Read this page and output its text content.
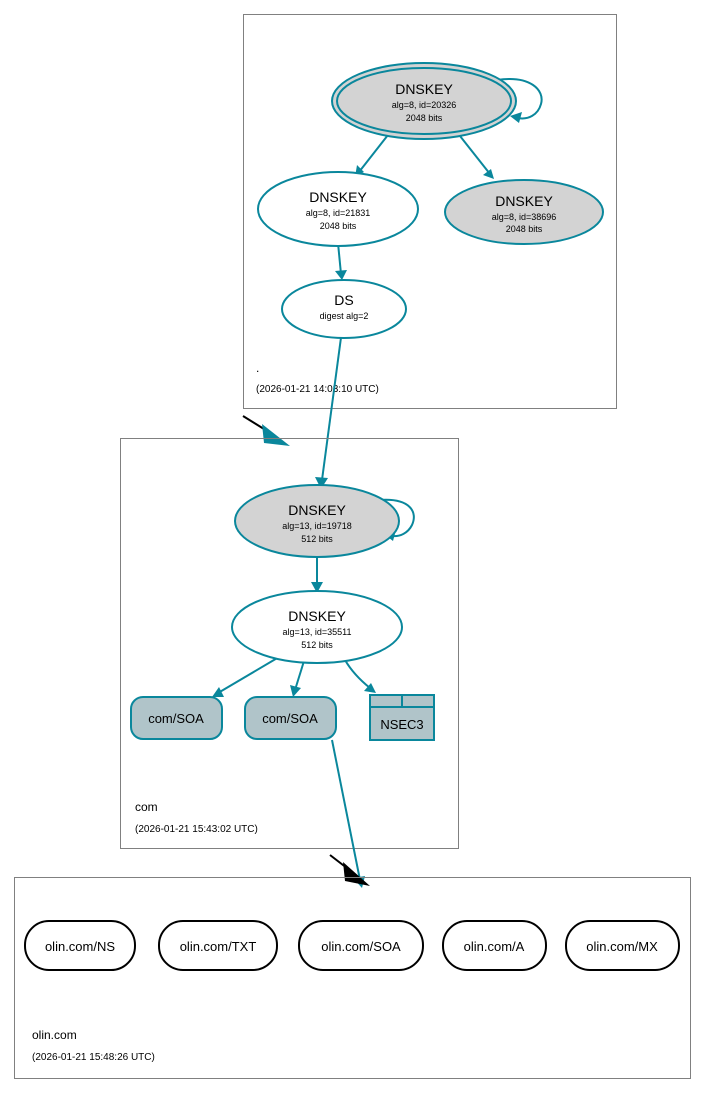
.
(2026-01-21 14:03:10 UTC)
DNSKEY
alg=8, id=20326
2048 bits
DNSKEY
alg=8, id=21831
2048 bits
DNSKEY
alg=8, id=38696
2048 bits
DS
digest alg=2
com
(2026-01-21 15:43:02 UTC)
DNSKEY
alg=13, id=19718
512 bits
DNSKEY
alg=13, id=35511
512 bits
com/SOA	com/SOA	NSEC3
olin.com
(2026-01-21 15:48:26 UTC)
olin.com/NS	olin.com/TXT	olin.com/SOA	olin.com/A	olin.com/MX
